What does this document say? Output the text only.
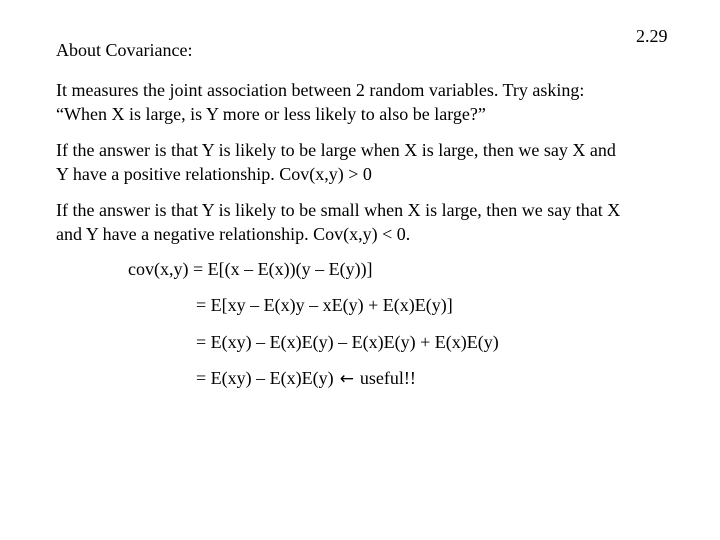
2.29
About Covariance:
It measures the joint association between 2 random variables. Try asking:
“When X is large, is Y more or less likely to also be large?”
If the answer is that Y is likely to be large when X is large, then we say X and
Y have a positive relationship. Cov(x,y) > 0
If the answer is that Y is likely to be small when X is large, then we say that X
and Y have a negative relationship. Cov(x,y) < 0.
cov(x,y) = E[(x – E(x))(y – E(y))]
= E[xy – E(x)y – xE(y) + E(x)E(y)]
= E(xy) – E(x)E(y) – E(x)E(y) + E(x)E(y)
= E(xy) – E(x)E(y) ← useful!!
